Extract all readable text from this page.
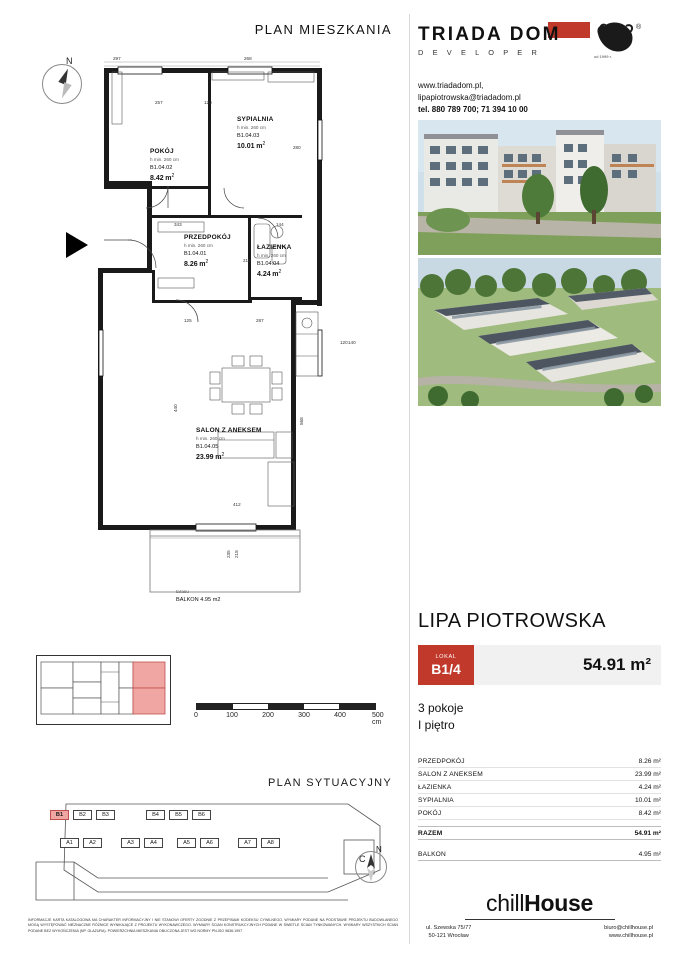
PLAN MIESZKANIA
N
POKÓJ
h min. 260 cm
B1.04.02
8.42 $m^2$
SYPIALNIA
h min. 260 cm
B1.04.03
10.01 $m^2$
PRZEDPOKÓJ
h min. 260 cm
B1.04.01
8.26 $m^2$
ŁAZIENKA
h min. 260 cm
B1.04.04
4.24 $m^2$
SALON Z ANEKSEM
h min. 260 cm
B1.04.05
23.99 $m^2$
tarasu
BALKON 4.95 m2
297	268
120
280
257
343	144
218
125	287
120 140
412
440
568
235 218
0	100	200	300	400	500 cm
PLAN SYTUACYJNY
C
B1	B2	B3	B4	B5	B6
A1	A2	A3	A4	A5	A6	A7	A8
N
INFORMACJE KARTA KATALOGOWA MA CHARAKTER INFORMACYJNY I NIE STANOWI OFERTY ZGODNIE Z PRZEPISAMI KODEKSU CYWILNEGO. WYMIARY PODANE NA PODSTAWIE PROJEKTU BUDOWLANEGO MOGĄ WYSTĘPOWAĆ NIEZNACZNE RÓŻNICE WYNIKAJĄCE Z PROJEKTU WYKONAWCZEGO. WYMIARY ŚCIAN KONSTRUKCYJNYCH PODANE W ŚWIETLE ŚCIAN TYNKOWANYCH. WYMIARY WSZYSTKICH ŚCIAN PODANE BEZ WYKOŃCZENIA (NP. GLAZURA). POWIERZCHNIA MIESZKANIA OBLICZONA JEST WG NORMY PN-ISO 9836:1997
TRIADA DOM
D E V E L O P E R
®
od 1999 r.
www.triadadom.pl,
lipapiotrowska@triadadom.pl
tel. 880 789 700; 71 394 10 00
LIPA PIOTROWSKA
LOKAL
B1/4	54.91 m²
3 pokoje
I piętro
PRZEDPOKÓJ	8.26 m²
SALON Z ANEKSEM	23.99 m²
ŁAZIENKA	4.24 m²
SYPIALNIA	10.01 m²
POKÓJ	8.42 m²
RAZEM	54.91 m²
BALKON	4.95 m²
chillHouse
ul. Szewska 75/77
50-121 Wrocław
biuro@chillhouse.pl
www.chillhouse.pl
